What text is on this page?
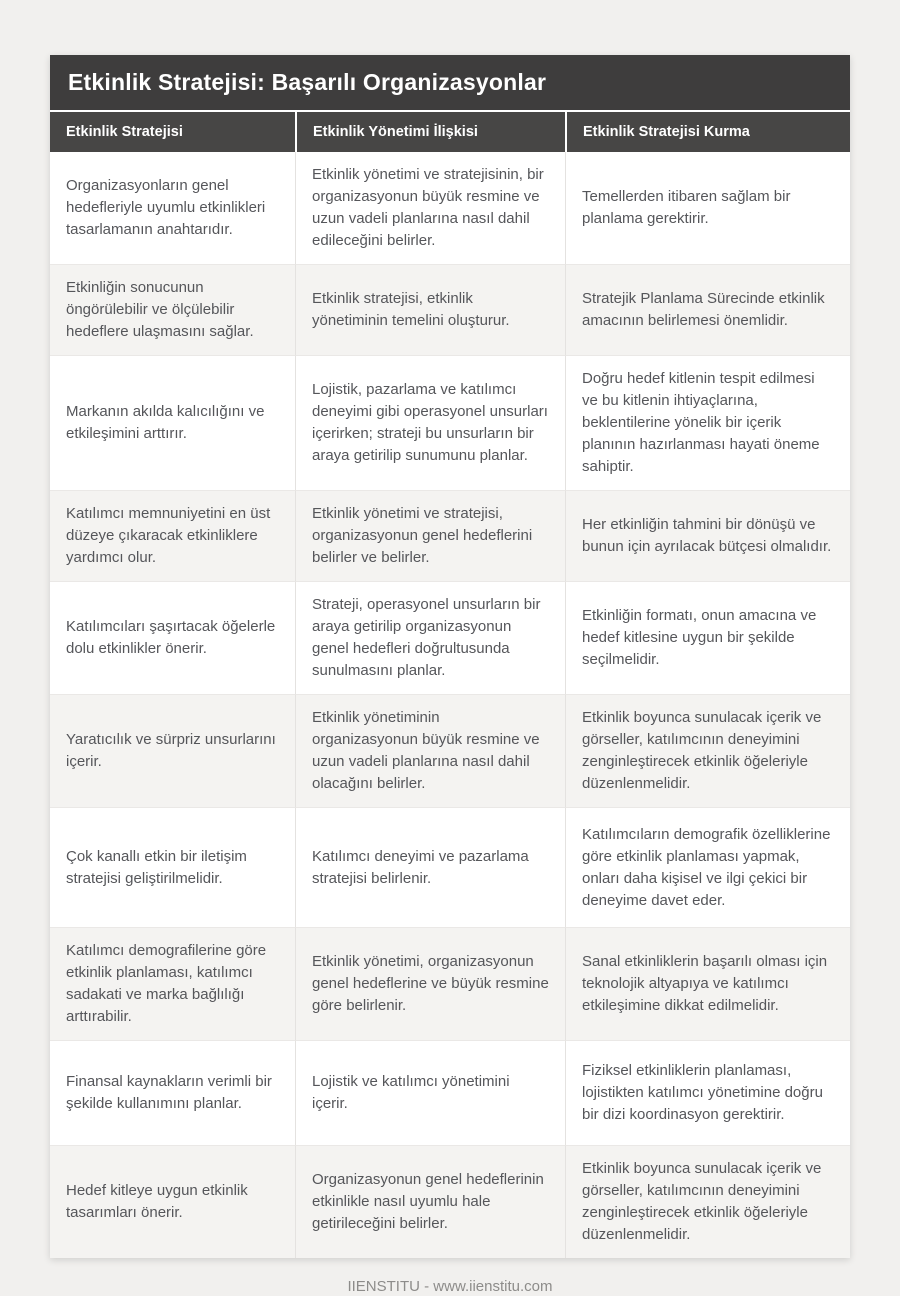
Etkinlik Stratejisi: Başarılı Organizasyonlar
Etkinlik Stratejisi	Etkinlik Yönetimi İlişkisi	Etkinlik Stratejisi Kurma
Organizasyonların genel hedefleriyle uyumlu etkinlikleri tasarlamanın anahtarıdır.
Etkinlik yönetimi ve stratejisinin, bir organizasyonun büyük resmine ve uzun vadeli planlarına nasıl dahil edileceğini belirler.
Temellerden itibaren sağlam bir planlama gerektirir.
Etkinliğin sonucunun öngörülebilir ve ölçülebilir hedeflere ulaşmasını sağlar.
Etkinlik stratejisi, etkinlik yönetiminin temelini oluşturur.
Stratejik Planlama Sürecinde etkinlik amacının belirlemesi önemlidir.
Markanın akılda kalıcılığını ve etkileşimini arttırır.
Lojistik, pazarlama ve katılımcı deneyimi gibi operasyonel unsurları içerirken; strateji bu unsurların bir araya getirilip sunumunu planlar.
Doğru hedef kitlenin tespit edilmesi ve bu kitlenin ihtiyaçlarına, beklentilerine yönelik bir içerik planının hazırlanması hayati öneme sahiptir.
Katılımcı memnuniyetini en üst düzeye çıkaracak etkinliklere yardımcı olur.
Etkinlik yönetimi ve stratejisi, organizasyonun genel hedeflerini belirler ve belirler.
Her etkinliğin tahmini bir dönüşü ve bunun için ayrılacak bütçesi olmalıdır.
Katılımcıları şaşırtacak öğelerle dolu etkinlikler önerir.
Strateji, operasyonel unsurların bir araya getirilip organizasyonun genel hedefleri doğrultusunda sunulmasını planlar.
Etkinliğin formatı, onun amacına ve hedef kitlesine uygun bir şekilde seçilmelidir.
Yaratıcılık ve sürpriz unsurlarını içerir.
Etkinlik yönetiminin organizasyonun büyük resmine ve uzun vadeli planlarına nasıl dahil olacağını belirler.
Etkinlik boyunca sunulacak içerik ve görseller, katılımcının deneyimini zenginleştirecek etkinlik öğeleriyle düzenlenmelidir.
Çok kanallı etkin bir iletişim stratejisi geliştirilmelidir.
Katılımcı deneyimi ve pazarlama stratejisi belirlenir.
Katılımcıların demografik özelliklerine göre etkinlik planlaması yapmak, onları daha kişisel ve ilgi çekici bir deneyime davet eder.
Katılımcı demografilerine göre etkinlik planlaması, katılımcı sadakati ve marka bağlılığı arttırabilir.
Etkinlik yönetimi, organizasyonun genel hedeflerine ve büyük resmine göre belirlenir.
Sanal etkinliklerin başarılı olması için teknolojik altyapıya ve katılımcı etkileşimine dikkat edilmelidir.
Finansal kaynakların verimli bir şekilde kullanımını planlar.
Lojistik ve katılımcı yönetimini içerir.
Fiziksel etkinliklerin planlaması, lojistikten katılımcı yönetimine doğru bir dizi koordinasyon gerektirir.
Hedef kitleye uygun etkinlik tasarımları önerir.
Organizasyonun genel hedeflerinin etkinlikle nasıl uyumlu hale getirileceğini belirler.
Etkinlik boyunca sunulacak içerik ve görseller, katılımcının deneyimini zenginleştirecek etkinlik öğeleriyle düzenlenmelidir.
IIENSTITU - www.iienstitu.com
